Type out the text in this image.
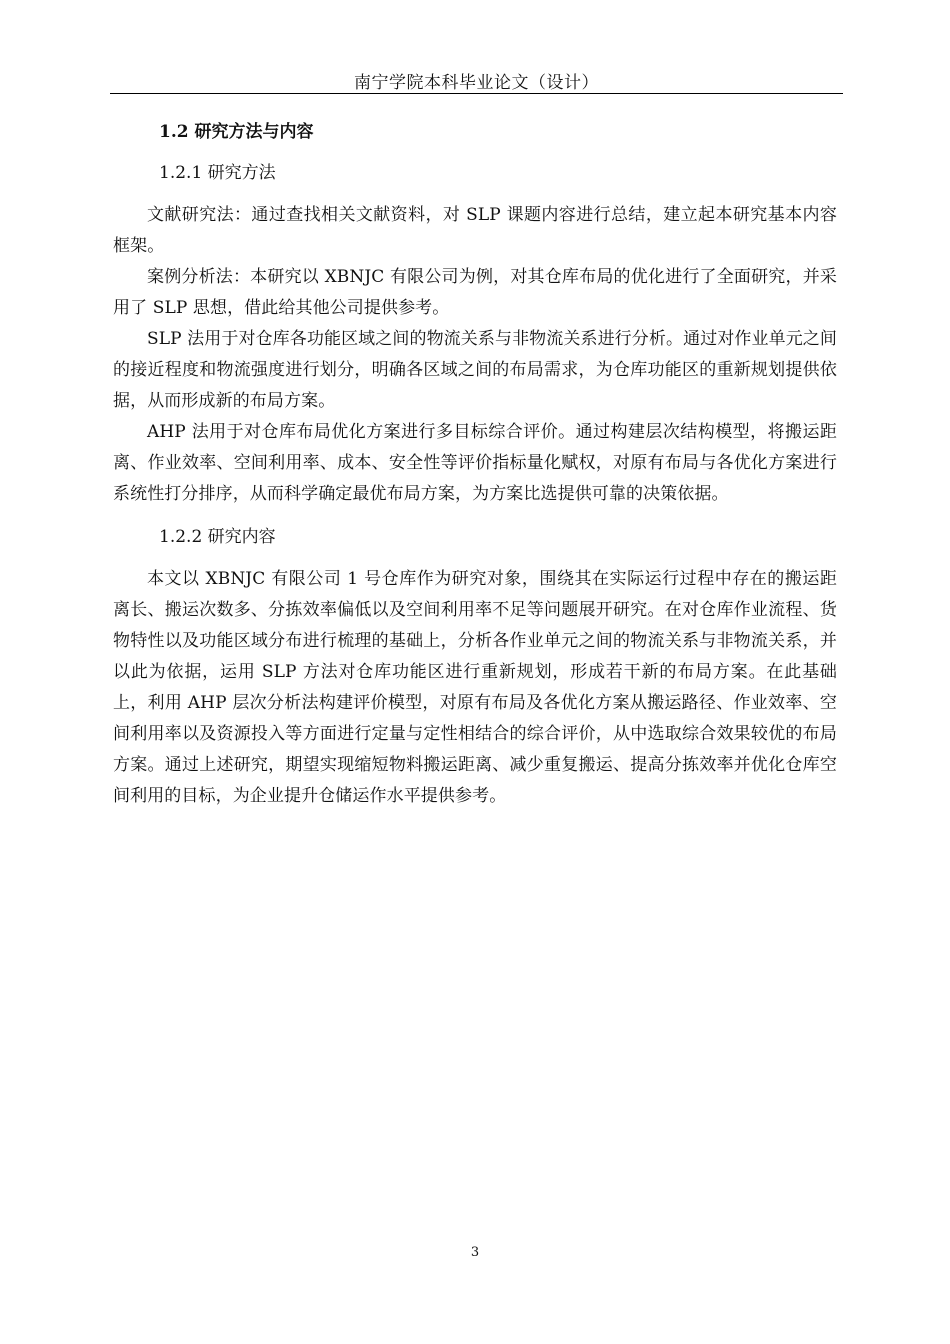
南宁学院本科毕业论文（设计）
1.2 研究方法与内容
1.2.1 研究方法

文献研究法：通过查找相关文献资料，对 SLP 课题内容进行总结，建立起本研究基本内容框架。

案例分析法：本研究以 XBNJC 有限公司为例，对其仓库布局的优化进行了全面研究，并采用了 SLP 思想，借此给其他公司提供参考。

SLP 法用于对仓库各功能区域之间的物流关系与非物流关系进行分析。通过对作业单元之间的接近程度和物流强度进行划分，明确各区域之间的布局需求，为仓库功能区的重新规划提供依据，从而形成新的布局方案。

AHP 法用于对仓库布局优化方案进行多目标综合评价。通过构建层次结构模型，将搬运距离、作业效率、空间利用率、成本、安全性等评价指标量化赋权，对原有布局与各优化方案进行系统性打分排序，从而科学确定最优布局方案，为方案比选提供可靠的决策依据。

1.2.2 研究内容

本文以 XBNJC 有限公司 1 号仓库作为研究对象，围绕其在实际运行过程中存在的搬运距离长、搬运次数多、分拣效率偏低以及空间利用率不足等问题展开研究。在对仓库作业流程、货物特性以及功能区域分布进行梳理的基础上，分析各作业单元之间的物流关系与非物流关系，并以此为依据，运用 SLP 方法对仓库功能区进行重新规划，形成若干新的布局方案。在此基础上，利用 AHP 层次分析法构建评价模型，对原有布局及各优化方案从搬运路径、作业效率、空间利用率以及资源投入等方面进行定量与定性相结合的综合评价，从中选取综合效果较优的布局方案。通过上述研究，期望实现缩短物料搬运距离、减少重复搬运、提高分拣效率并优化仓库空间利用的目标，为企业提升仓储运作水平提供参考。

3
